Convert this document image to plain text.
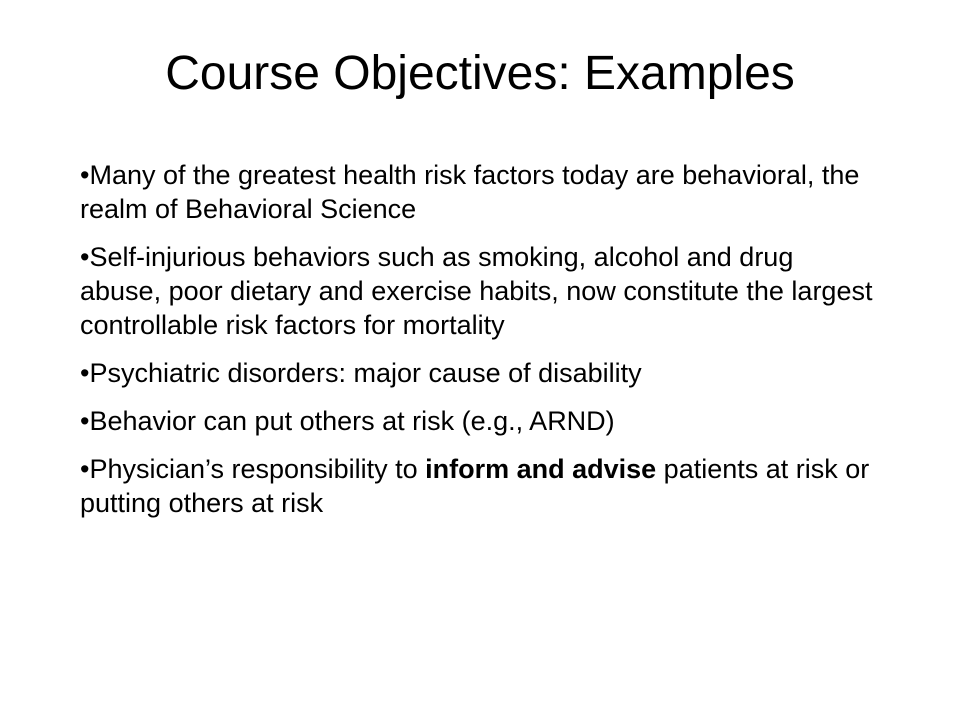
Course Objectives: Examples
•Many of the greatest health risk factors today are behavioral, the realm of Behavioral Science
•Self-injurious behaviors such as smoking, alcohol and drug abuse, poor dietary and exercise habits, now constitute the largest controllable risk factors for mortality
•Psychiatric disorders: major cause of disability
•Behavior can put others at risk (e.g., ARND)
•Physician’s responsibility to inform and advise patients at risk or putting others at risk
